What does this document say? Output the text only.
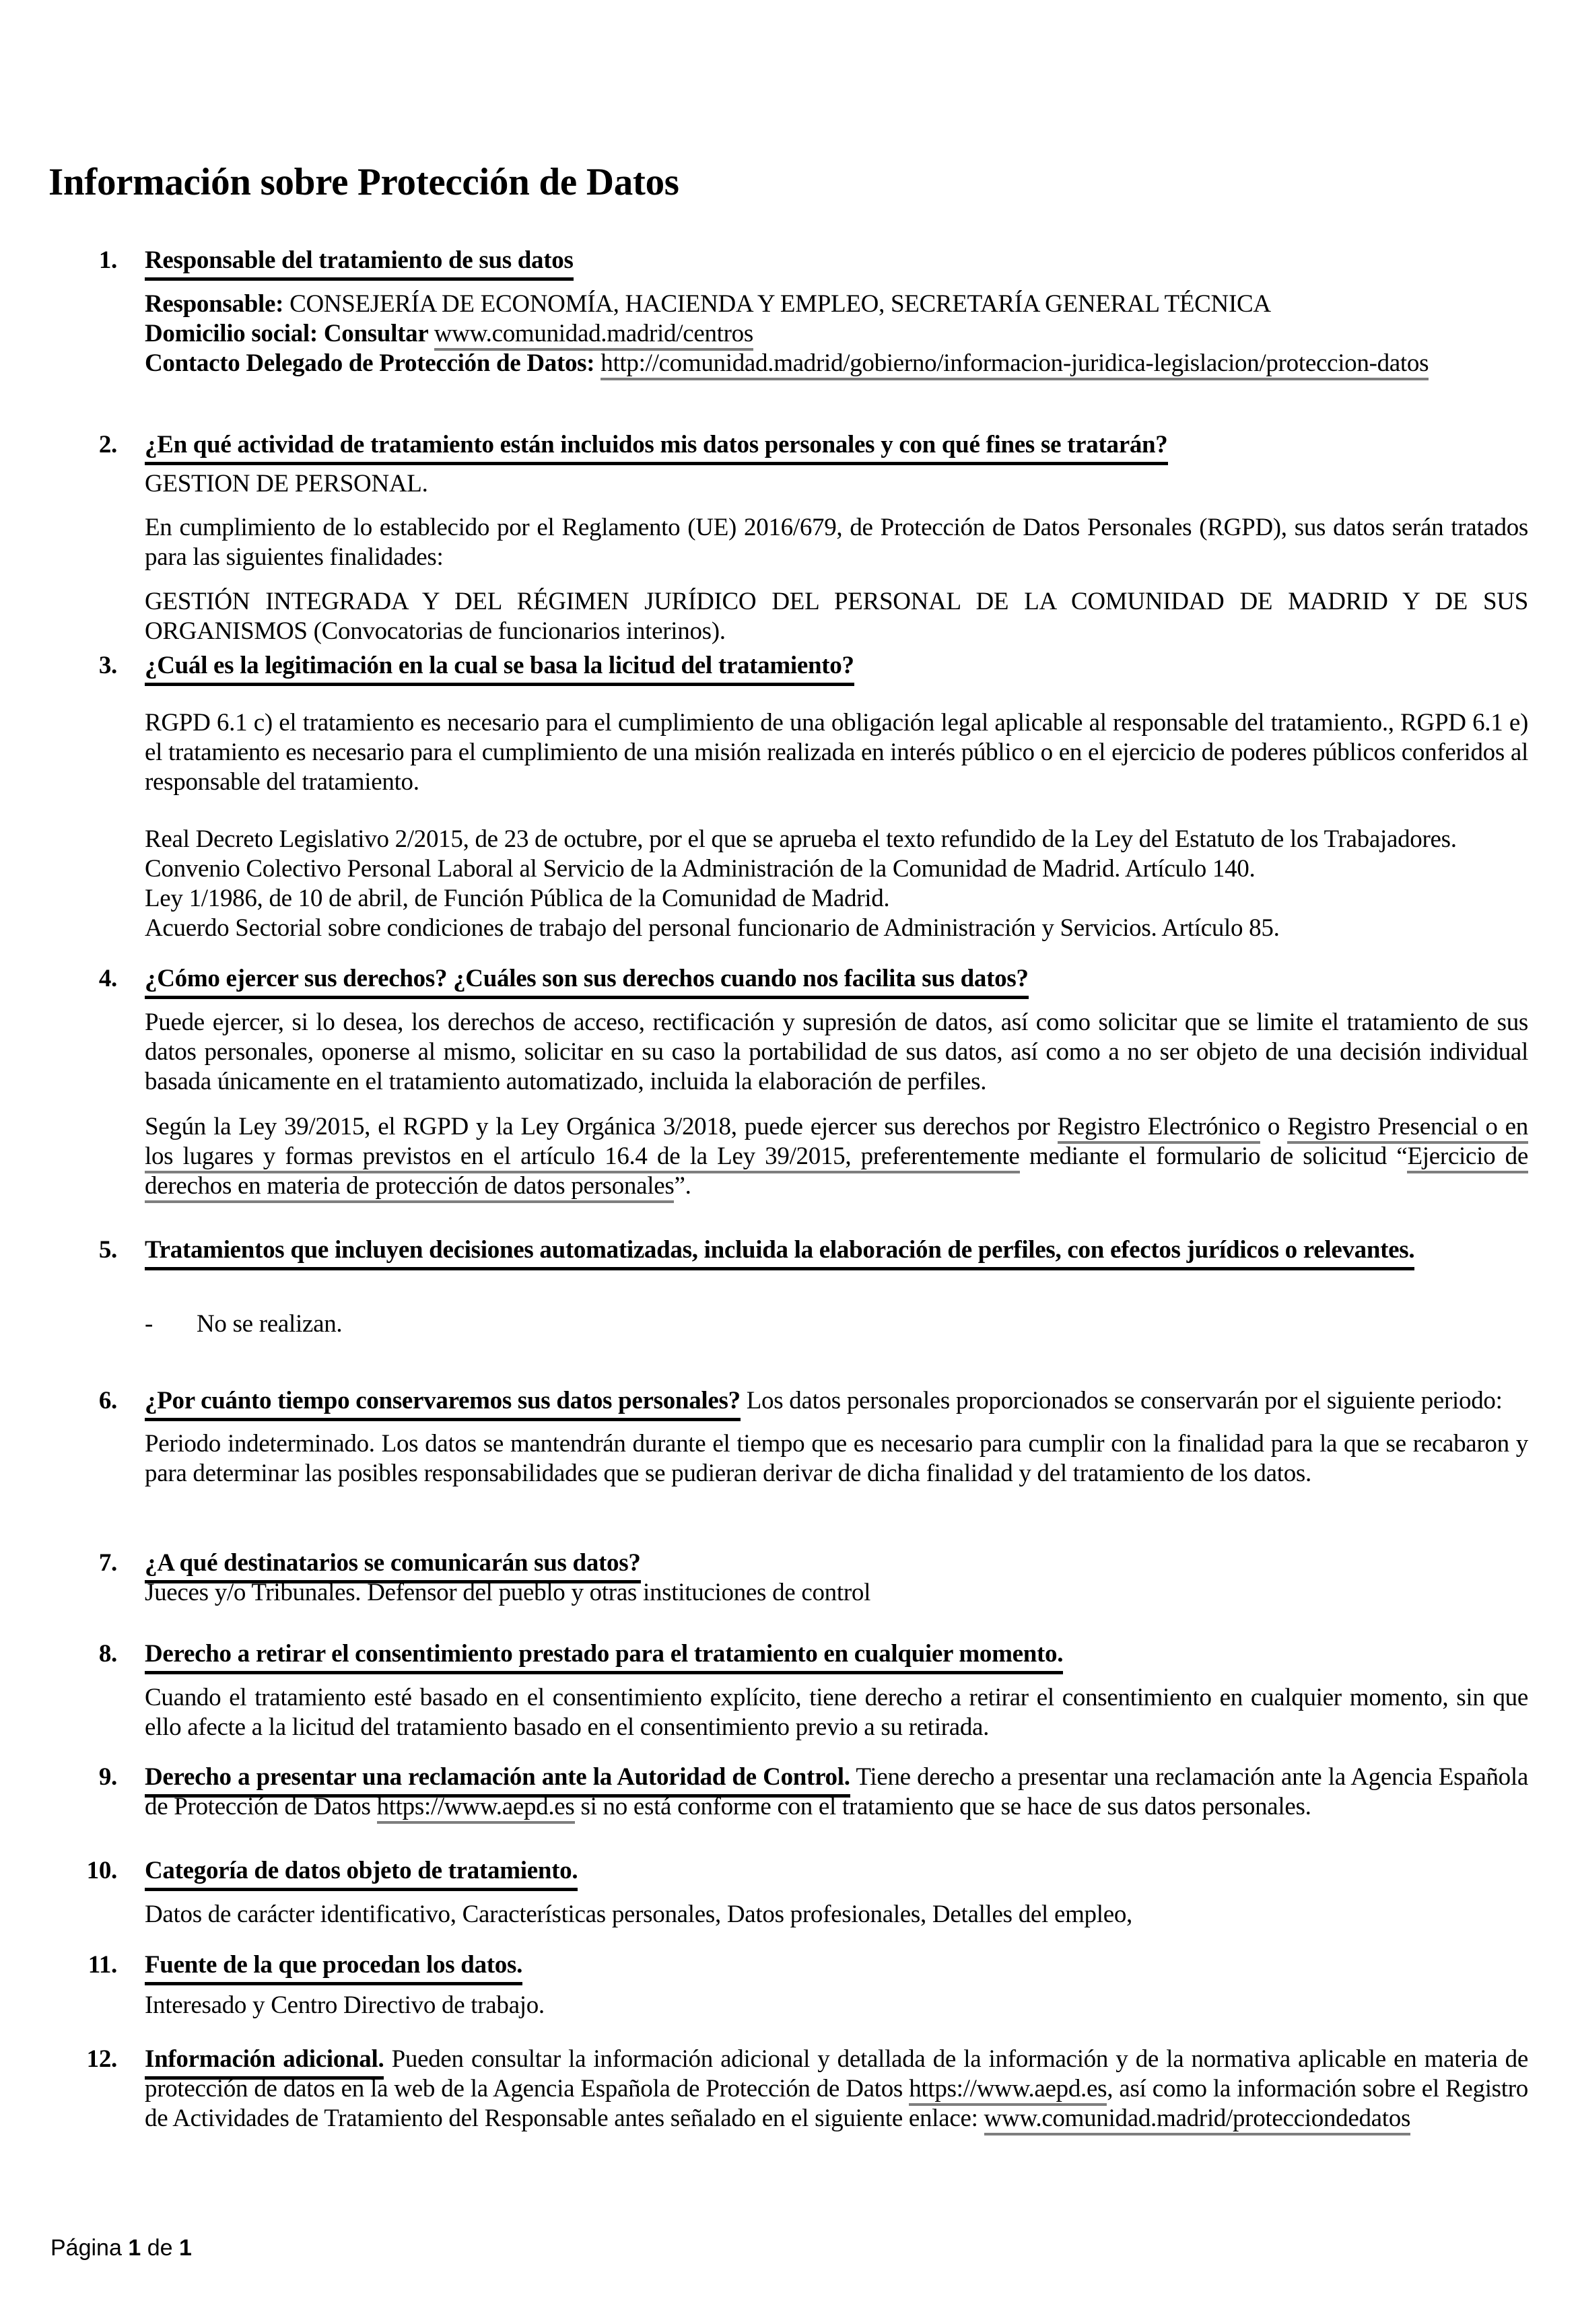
Información sobre Protección de Datos
1. Responsable del tratamiento de sus datos
Responsable: CONSEJERÍA DE ECONOMÍA, HACIENDA Y EMPLEO, SECRETARÍA GENERAL TÉCNICA
Domicilio social: Consultar www.comunidad.madrid/centros
Contacto Delegado de Protección de Datos: http://comunidad.madrid/gobierno/informacion-juridica-legislacion/proteccion-datos
2. ¿En qué actividad de tratamiento están incluidos mis datos personales y con qué fines se tratarán?
GESTION DE PERSONAL.
En cumplimiento de lo establecido por el Reglamento (UE) 2016/679, de Protección de Datos Personales (RGPD), sus datos serán tratados para las siguientes finalidades:
GESTIÓN INTEGRADA Y DEL RÉGIMEN JURÍDICO DEL PERSONAL DE LA COMUNIDAD DE MADRID Y DE SUS ORGANISMOS (Convocatorias de funcionarios interinos).
3. ¿Cuál es la legitimación en la cual se basa la licitud del tratamiento?
RGPD 6.1 c) el tratamiento es necesario para el cumplimiento de una obligación legal aplicable al responsable del tratamiento., RGPD 6.1 e) el tratamiento es necesario para el cumplimiento de una misión realizada en interés público o en el ejercicio de poderes públicos conferidos al responsable del tratamiento.
Real Decreto Legislativo 2/2015, de 23 de octubre, por el que se aprueba el texto refundido de la Ley del Estatuto de los Trabajadores.
Convenio Colectivo Personal Laboral al Servicio de la Administración de la Comunidad de Madrid. Artículo 140.
Ley 1/1986, de 10 de abril, de Función Pública de la Comunidad de Madrid.
Acuerdo Sectorial sobre condiciones de trabajo del personal funcionario de Administración y Servicios. Artículo 85.
4. ¿Cómo ejercer sus derechos? ¿Cuáles son sus derechos cuando nos facilita sus datos?
Puede ejercer, si lo desea, los derechos de acceso, rectificación y supresión de datos, así como solicitar que se limite el tratamiento de sus datos personales, oponerse al mismo, solicitar en su caso la portabilidad de sus datos, así como a no ser objeto de una decisión individual basada únicamente en el tratamiento automatizado, incluida la elaboración de perfiles.
Según la Ley 39/2015, el RGPD y la Ley Orgánica 3/2018, puede ejercer sus derechos por Registro Electrónico o Registro Presencial o en los lugares y formas previstos en el artículo 16.4 de la Ley 39/2015, preferentemente mediante el formulario de solicitud “Ejercicio de derechos en materia de protección de datos personales”.
5. Tratamientos que incluyen decisiones automatizadas, incluida la elaboración de perfiles, con efectos jurídicos o relevantes.
-	No se realizan.
6. ¿Por cuánto tiempo conservaremos sus datos personales? Los datos personales proporcionados se conservarán por el siguiente periodo:
Periodo indeterminado. Los datos se mantendrán durante el tiempo que es necesario para cumplir con la finalidad para la que se recabaron y para determinar las posibles responsabilidades que se pudieran derivar de dicha finalidad y del tratamiento de los datos.
7. ¿A qué destinatarios se comunicarán sus datos?
Jueces y/o Tribunales. Defensor del pueblo y otras instituciones de control
8. Derecho a retirar el consentimiento prestado para el tratamiento en cualquier momento.
Cuando el tratamiento esté basado en el consentimiento explícito, tiene derecho a retirar el consentimiento en cualquier momento, sin que ello afecte a la licitud del tratamiento basado en el consentimiento previo a su retirada.
9. Derecho a presentar una reclamación ante la Autoridad de Control. Tiene derecho a presentar una reclamación ante la Agencia Española de Protección de Datos https://www.aepd.es si no está conforme con el tratamiento que se hace de sus datos personales.
10. Categoría de datos objeto de tratamiento.
Datos de carácter identificativo, Características personales, Datos profesionales, Detalles del empleo,
11. Fuente de la que procedan los datos.
Interesado y Centro Directivo de trabajo.
12. Información adicional. Pueden consultar la información adicional y detallada de la información y de la normativa aplicable en materia de protección de datos en la web de la Agencia Española de Protección de Datos https://www.aepd.es, así como la información sobre el Registro de Actividades de Tratamiento del Responsable antes señalado en el siguiente enlace: www.comunidad.madrid/protecciondedatos
Página 1 de 1
